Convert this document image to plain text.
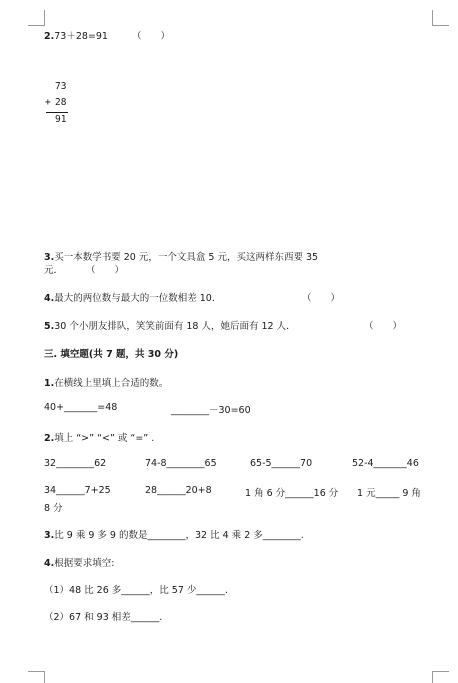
2.73＋28=91	（　　）
73
+ 28
91
3.买一本数学书要 20 元，一个文具盒 5 元，买这两样东西要 35
元． （　　）
4.最大的两位数与最大的一位数相差 10．	（　　）
5.30 个小朋友排队，笑笑前面有 18 人，她后面有 12 人．	（　　）
三. 填空题(共 7 题，共 30 分)
1.在横线上里填上合适的数。
40+_______=48	________－30=60
2.填上 “>” “<” 或 “=” .
32________62	74-8________65	65-5______70	52-4_______46
34______7+25	28______20+8	1 角 6 分______16 分 1 元_____ 9 角
8 分
3.比 9 乘 9 多 9 的数是________，32 比 4 乘 2 多________.
4.根据要求填空:
（1）48 比 26 多______，比 57 少______.
（2）67 和 93 相差______.
